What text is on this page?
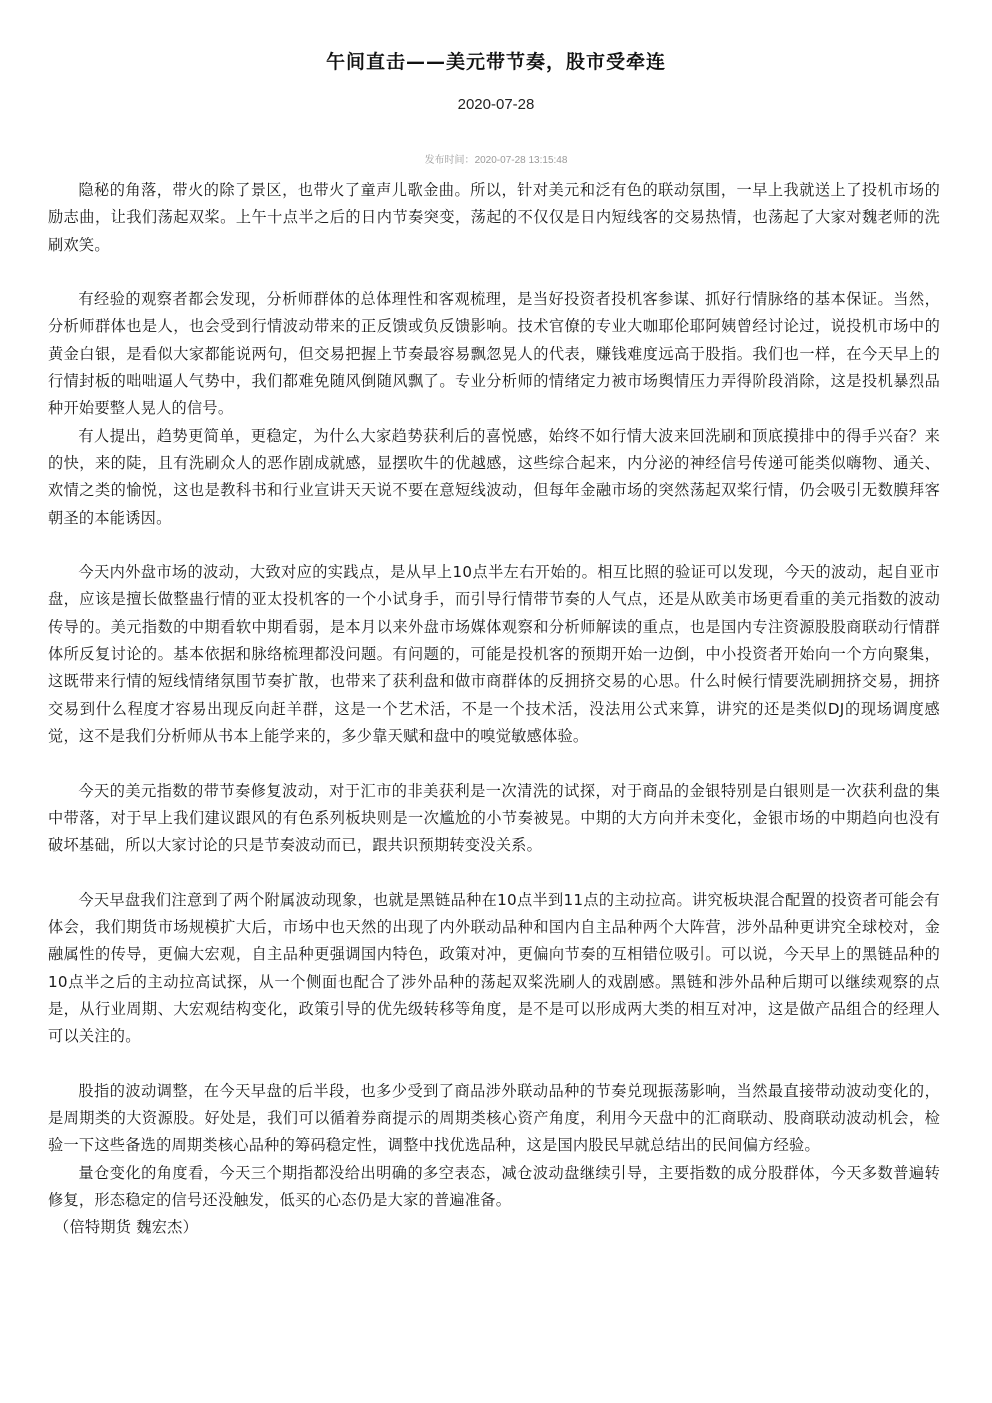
午间直击——美元带节奏，股市受牵连
2020-07-28
发布时间：2020-07-28 13:15:48

隐秘的角落，带火的除了景区，也带火了童声儿歌金曲。所以，针对美元和泛有色的联动氛围，一早上我就送上了投机市场的励志曲，让我们荡起双桨。上午十点半之后的日内节奏突变，荡起的不仅仅是日内短线客的交易热情，也荡起了大家对魏老师的洗刷欢笑。

有经验的观察者都会发现，分析师群体的总体理性和客观梳理，是当好投资者投机客参谋、抓好行情脉络的基本保证。当然，分析师群体也是人，也会受到行情波动带来的正反馈或负反馈影响。技术官僚的专业大咖耶伦耶阿姨曾经讨论过，说投机市场中的黄金白银，是看似大家都能说两句，但交易把握上节奏最容易飘忽晃人的代表，赚钱难度远高于股指。我们也一样，在今天早上的行情封板的咄咄逼人气势中，我们都难免随风倒随风飘了。专业分析师的情绪定力被市场舆情压力弄得阶段消除，这是投机暴烈品种开始要整人晃人的信号。

有人提出，趋势更简单，更稳定，为什么大家趋势获利后的喜悦感，始终不如行情大波来回洗刷和顶底摸排中的得手兴奋？来的快，来的陡，且有洗刷众人的恶作剧成就感，显摆吹牛的优越感，这些综合起来，内分泌的神经信号传递可能类似嗨物、通关、欢情之类的愉悦，这也是教科书和行业宣讲天天说不要在意短线波动，但每年金融市场的突然荡起双桨行情，仍会吸引无数膜拜客朝圣的本能诱因。

今天内外盘市场的波动，大致对应的实践点，是从早上10点半左右开始的。相互比照的验证可以发现，今天的波动，起自亚市盘，应该是擅长做整蛊行情的亚太投机客的一个小试身手，而引导行情带节奏的人气点，还是从欧美市场更看重的美元指数的波动传导的。美元指数的中期看软中期看弱，是本月以来外盘市场媒体观察和分析师解读的重点，也是国内专注资源股股商联动行情群体所反复讨论的。基本依据和脉络梳理都没问题。有问题的，可能是投机客的预期开始一边倒，中小投资者开始向一个方向聚集，这既带来行情的短线情绪氛围节奏扩散，也带来了获利盘和做市商群体的反拥挤交易的心思。什么时候行情要洗刷拥挤交易，拥挤交易到什么程度才容易出现反向赶羊群，这是一个艺术活，不是一个技术活，没法用公式来算，讲究的还是类似DJ的现场调度感觉，这不是我们分析师从书本上能学来的，多少靠天赋和盘中的嗅觉敏感体验。

今天的美元指数的带节奏修复波动，对于汇市的非美获利是一次清洗的试探，对于商品的金银特别是白银则是一次获利盘的集中带落，对于早上我们建议跟风的有色系列板块则是一次尴尬的小节奏被晃。中期的大方向并未变化，金银市场的中期趋向也没有破坏基础，所以大家讨论的只是节奏波动而已，跟共识预期转变没关系。

今天早盘我们注意到了两个附属波动现象，也就是黑链品种在10点半到11点的主动拉高。讲究板块混合配置的投资者可能会有体会，我们期货市场规模扩大后，市场中也天然的出现了内外联动品种和国内自主品种两个大阵营，涉外品种更讲究全球校对，金融属性的传导，更偏大宏观，自主品种更强调国内特色，政策对冲，更偏向节奏的互相错位吸引。可以说，今天早上的黑链品种的10点半之后的主动拉高试探，从一个侧面也配合了涉外品种的荡起双桨洗刷人的戏剧感。黑链和涉外品种后期可以继续观察的点是，从行业周期、大宏观结构变化，政策引导的优先级转移等角度，是不是可以形成两大类的相互对冲，这是做产品组合的经理人可以关注的。

股指的波动调整，在今天早盘的后半段，也多少受到了商品涉外联动品种的节奏兑现振荡影响，当然最直接带动波动变化的，是周期类的大资源股。好处是，我们可以循着券商提示的周期类核心资产角度，利用今天盘中的汇商联动、股商联动波动机会，检验一下这些备选的周期类核心品种的筹码稳定性，调整中找优选品种，这是国内股民早就总结出的民间偏方经验。

量仓变化的角度看，今天三个期指都没给出明确的多空表态，减仓波动盘继续引导，主要指数的成分股群体，今天多数普遍转修复，形态稳定的信号还没触发，低买的心态仍是大家的普遍准备。

（倍特期货 魏宏杰）
